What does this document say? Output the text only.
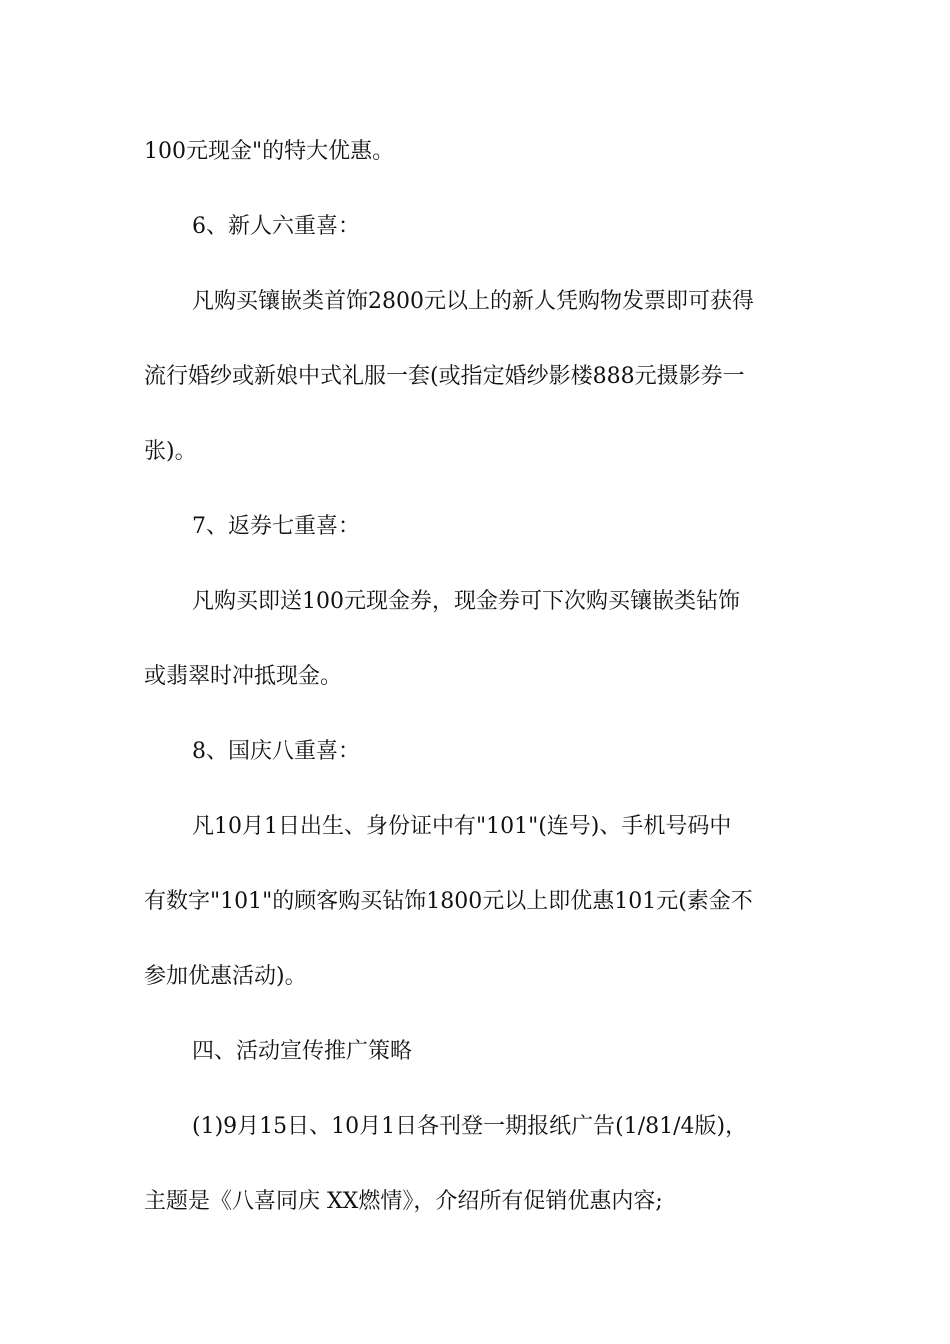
100元现金"的特大优惠。
6、新人六重喜：
凡购买镶嵌类首饰2800元以上的新人凭购物发票即可获得
流行婚纱或新娘中式礼服一套(或指定婚纱影楼888元摄影券一
张)。
7、返券七重喜：
凡购买即送100元现金券，现金券可下次购买镶嵌类钻饰
或翡翠时冲抵现金。
8、国庆八重喜：
凡10月1日出生、身份证中有"101"(连号)、手机号码中
有数字"101"的顾客购买钻饰1800元以上即优惠101元(素金不
参加优惠活动)。
四、活动宣传推广策略
(1)9月15日、10月1日各刊登一期报纸广告(1/81/4版)，
主题是《八喜同庆 XX燃情》，介绍所有促销优惠内容;
